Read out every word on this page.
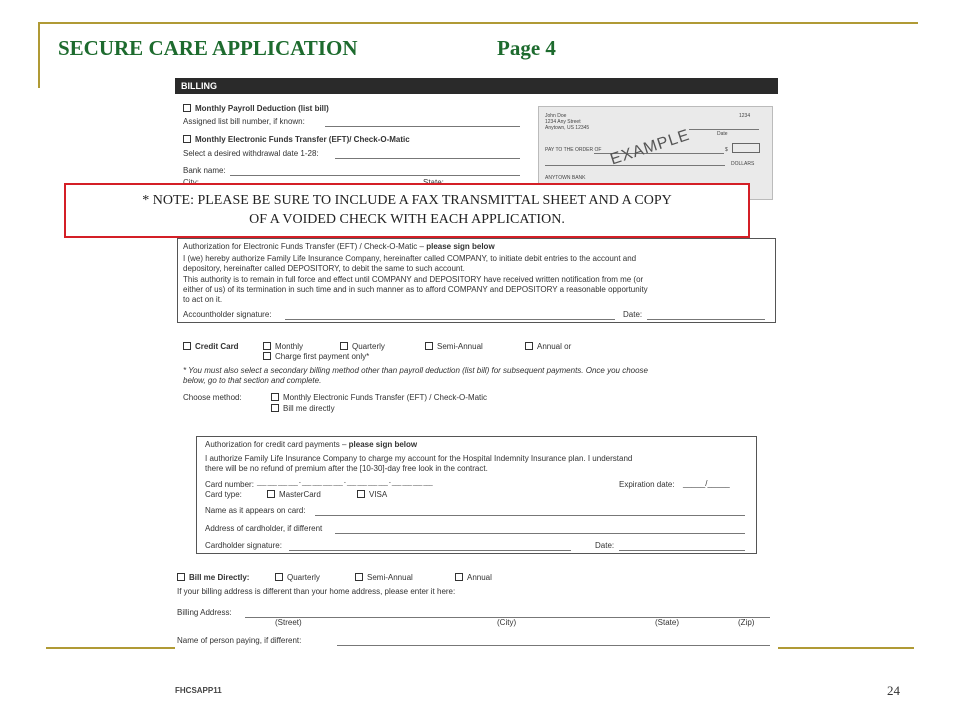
SECURE CARE APPLICATION	Page 4
BILLING
Monthly Payroll Deduction (list bill)
Assigned list bill number, if known:
Monthly Electronic Funds Transfer (EFT)/ Check-O-Matic
Select a desired withdrawal date 1-28:
Bank name:
John Doe
1234 Any Street
Anytown, US 12345
1234
Date
PAY TO THE ORDER OF	$
DOLLARS
ANYTOWN BANK
EXAMPLE
Authorization for Electronic Funds Transfer (EFT) / Check-O-Matic – please sign below
I (we) hereby authorize Family Life Insurance Company, hereinafter called COMPANY, to initiate debit entries to the account and
depository, hereinafter called DEPOSITORY, to debit the same to such account.
This authority is to remain in full force and effect until COMPANY and DEPOSITORY have received written notification from me (or
either of us) of its termination in such time and in such manner as to afford COMPANY and DEPOSITORY a reasonable opportunity
to act on it.
Accountholder signature:	Date:
Credit Card	Monthly	Quarterly	Semi-Annual	Annual or
Charge first payment only*
* You must also select a secondary billing method other than payroll deduction (list bill) for subsequent payments. Once you choose
below, go to that section and complete.
Choose method:	Monthly Electronic Funds Transfer (EFT) / Check-O-Matic
Bill me directly
Authorization for credit card payments – please sign below
I authorize Family Life Insurance Company to charge my account for the Hospital Indemnity Insurance plan. I understand
there will be no refund of premium after the [10-30]-day free look in the contract.
Card number: ___ ___ ___ ___ - ___ ___ ___ ___ - ___ ___ ___ ___ - ___ ___ ___ ___	Expiration date: _____/_____
Card type:	MasterCard	VISA
Name as it appears on card:
Address of cardholder, if different
Cardholder signature:	Date:
Bill me Directly:	Quarterly	Semi-Annual	Annual
If your billing address is different than your home address, please enter it here:
Billing Address:
(Street)	(City)	(State)	(Zip)
Name of person paying, if different:
* NOTE: PLEASE BE SURE TO INCLUDE A FAX TRANSMITTAL SHEET AND A COPY
OF A VOIDED CHECK WITH EACH APPLICATION.
FHCSAPP11	24
